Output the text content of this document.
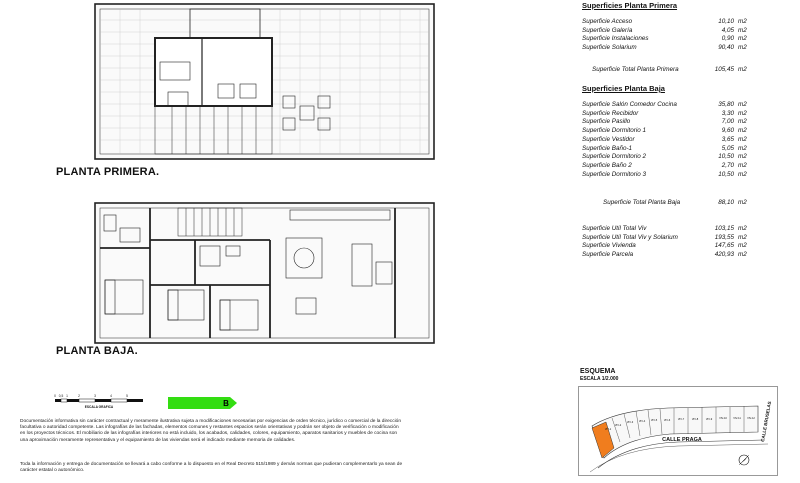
PLANTA PRIMERA.
PLANTA BAJA.
Superficies Planta Primera
Superficie Acceso	10,10 m2
Superficie Galería	4,05 m2
Superficie Instalaciones	0,90 m2
Superficie Solarium	90,40 m2
Superficie Total Planta Primera	105,45 m2
Superficies Planta Baja
Superficie Salón Comedor Cocina	35,80 m2
Superficie Recibidor	3,30 m2
Superficie Pasillo	7,00 m2
Superficie Dormitorio 1	9,60 m2
Superficie Vestidor	3,65 m2
Superficie Baño-1	5,05 m2
Superficie Dormitorio 2	10,50 m2
Superficie Baño 2	2,70 m2
Superficie Dormitorio 3	10,50 m2
Superficie Total Planta Baja	88,10 m2
Superficie Util Total Viv	103,15 m2
Superficie Util Total Viv y Solarium	193,55 m2
Superficie Vivienda	147,65 m2
Superficie Parcela	420,93 m2
0 0,5 1	2	3	4	5
ESCALA GRAFICA	B
Documentación informativa sin carácter contractual y meramente ilustrativa sujeta a modificaciones necesarias por exigencias de orden técnico, jurídico o comercial de la dirección facultativa o autoridad competente. Las infografías de las fachadas, elementos comunes y restantes espacios serán orientativas y podrán ser objeto de verificación o modificación en los proyectos técnicos. El mobiliario de las infografías interiores no está incluido, los acabados, calidades, colores, equipamiento, aparatos sanitarios y muebles de cocina son una aproximación meramente representativa y el equipamiento de las viviendas será el indicado mediante memoria de calidades.
Toda la información y entrega de documentación se llevará a cabo conforme a lo dispuesto en el Real Decreto 515/1989 y demás normas que pudieran complementarlo ya sean de carácter estatal o autonómico.
ESQUEMA
ESCALA 1/2.000
VIV-1
VIV-2
VIV-3 VIV-4 VIV-5	VIV-6	VIV-7	VIV-8	VIV-9	VIV-10 VIV-11 VIV-12
CALLE PRAGA	CALLE BRUSELAS
